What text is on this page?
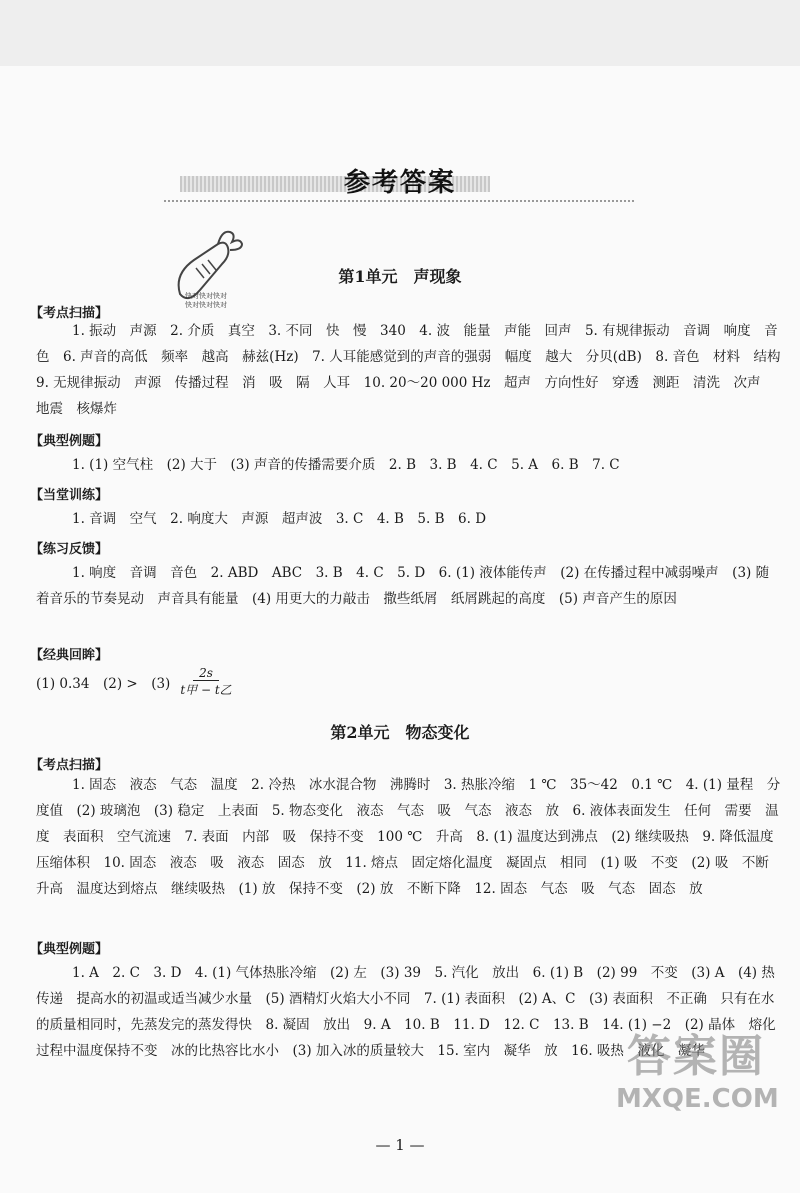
参考答案
快对快对快对
快对快对快对
第1单元　声现象
【考点扫描】
1. 振动　声源　2. 介质　真空　3. 不同　快　慢　340　4. 波　能量　声能　回声　5. 有规律振动　音调　响度　音色　6. 声音的高低　频率　越高　赫兹(Hz)　7. 人耳能感觉到的声音的强弱　幅度　越大　分贝(dB)　8. 音色　材料　结构　9. 无规律振动　声源　传播过程　消　吸　隔　人耳　10. 20～20 000 Hz　超声　方向性好　穿透　测距　清洗　次声　地震　核爆炸
【典型例题】
1. (1) 空气柱　(2) 大于　(3) 声音的传播需要介质　2. B　3. B　4. C　5. A　6. B　7. C
【当堂训练】
1. 音调　空气　2. 响度大　声源　超声波　3. C　4. B　5. B　6. D
【练习反馈】
1. 响度　音调　音色　2. ABD　ABC　3. B　4. C　5. D　6. (1) 液体能传声　(2) 在传播过程中减弱噪声　(3) 随着音乐的节奏晃动　声音具有能量　(4) 用更大的力敲击　撒些纸屑　纸屑跳起的高度　(5) 声音产生的原因
【经典回眸】
(1) 0.34　(2) >　$(3) \frac{2s}{\text{t甲 − t乙}}$
第2单元　物态变化
【考点扫描】
1. 固态　液态　气态　温度　2. 冷热　冰水混合物　沸腾时　3. 热胀冷缩　1 ℃　35～42　0.1 ℃　4. (1) 量程　分度值　(2) 玻璃泡　(3) 稳定　上表面　5. 物态变化　液态　气态　吸　气态　液态　放　6. 液体表面发生　任何　需要　温度　表面积　空气流速　7. 表面　内部　吸　保持不变　100 ℃　升高　8. (1) 温度达到沸点　(2) 继续吸热　9. 降低温度　压缩体积　10. 固态　液态　吸　液态　固态　放　11. 熔点　固定熔化温度　凝固点　相同　(1) 吸　不变　(2) 吸　不断升高　温度达到熔点　继续吸热　(1) 放　保持不变　(2) 放　不断下降　12. 固态　气态　吸　气态　固态　放
【典型例题】
1. A　2. C　3. D　4. (1) 气体热胀冷缩　(2) 左　(3) 39　5. 汽化　放出　6. (1) B　(2) 99　不变　(3) A　(4) 热传递　提高水的初温或适当减少水量　(5) 酒精灯火焰大小不同　7. (1) 表面积　(2) A、C　(3) 表面积　不正确　只有在水的质量相同时，先蒸发完的蒸发得快　8. 凝固　放出　9. A　10. B　11. D　12. C　13. B　14. (1) −2　(2) 晶体　熔化过程中温度保持不变　冰的比热容比水小　(3) 加入冰的质量较大　15. 室内　凝华　放　16. 吸热　液化　凝华
— 1 —
答案圈
MXQE.COM
